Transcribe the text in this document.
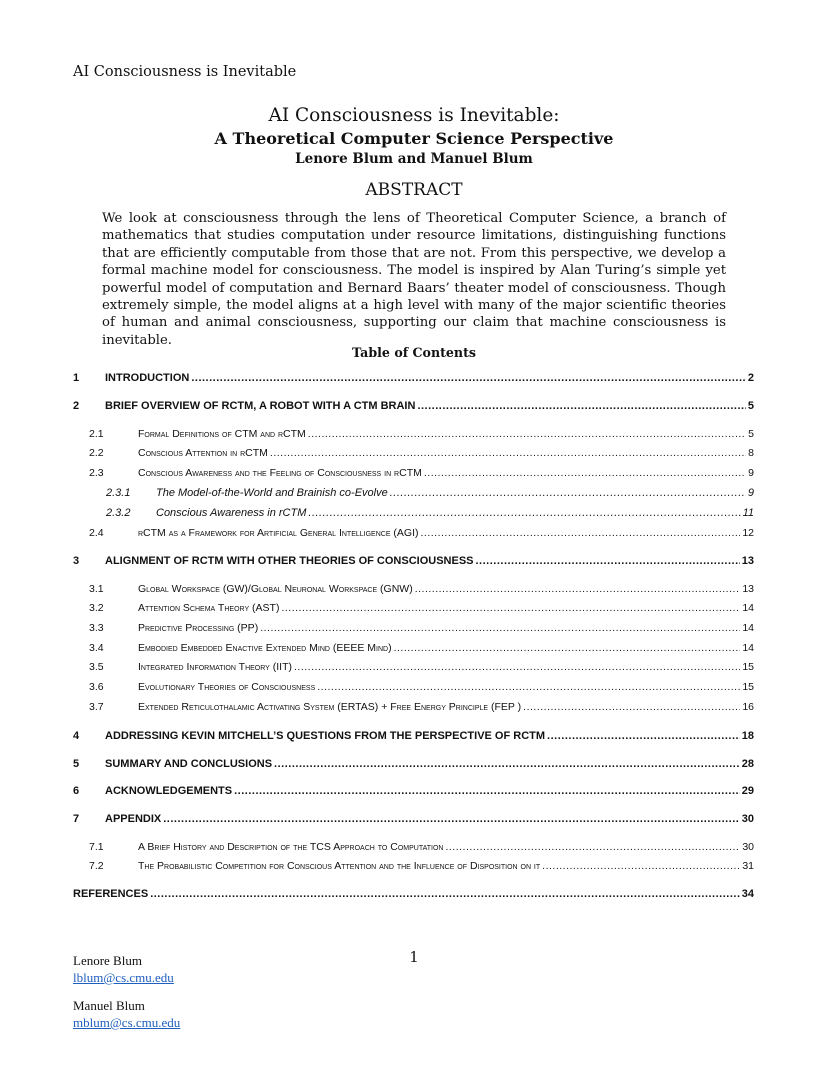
AI Consciousness is Inevitable
AI Consciousness is Inevitable:
A Theoretical Computer Science Perspective
Lenore Blum and Manuel Blum
ABSTRACT
We look at consciousness through the lens of Theoretical Computer Science, a branch of mathematics that studies computation under resource limitations, distinguishing functions that are efficiently computable from those that are not. From this perspective, we develop a formal machine model for consciousness. The model is inspired by Alan Turing’s simple yet powerful model of computation and Bernard Baars’ theater model of consciousness. Though extremely simple, the model aligns at a high level with many of the major scientific theories of human and animal consciousness, supporting our claim that machine consciousness is inevitable.
Table of Contents
1	INTRODUCTION .....	2
2	BRIEF OVERVIEW OF RCTM, A ROBOT WITH A CTM BRAIN .....	5
2.1	Formal Definitions of CTM and rCTM .....	5
2.2	Conscious Attention in rCTM .....	8
2.3	Conscious Awareness and the Feeling of Consciousness in rCTM .....	9
2.3.1	The Model-of-the-World and Brainish co-Evolve .....	9
2.3.2	Conscious Awareness in rCTM .....	11
2.4	rCTM as a Framework for Artificial General Intelligence (AGI) .....	12
3	ALIGNMENT OF RCTM WITH OTHER THEORIES OF CONSCIOUSNESS .....	13
3.1	Global Workspace (GW)/Global Neuronal Workspace (GNW) .....	13
3.2	Attention Schema Theory (AST) .....	14
3.3	Predictive Processing (PP) .....	14
3.4	Embodied Embedded Enactive Extended Mind (EEEE Mind) .....	14
3.5	Integrated Information Theory (IIT) .....	15
3.6	Evolutionary Theories of Consciousness .....	15
3.7	Extended Reticulothalamic Activating System (ERTAS) + Free Energy Principle (FEP ) .....	16
4	ADDRESSING KEVIN MITCHELL’S QUESTIONS FROM THE PERSPECTIVE OF RCTM .....	18
5	SUMMARY AND CONCLUSIONS .....	28
6	ACKNOWLEDGEMENTS .....	29
7	APPENDIX .....	30
7.1	A Brief History and Description of the TCS Approach to Computation .....	30
7.2	The Probabilistic Competition for Conscious Attention and the Influence of Disposition on it .....	31
REFERENCES .....	34
1
Lenore Blum
lblum@cs.cmu.edu
Manuel Blum
mblum@cs.cmu.edu
